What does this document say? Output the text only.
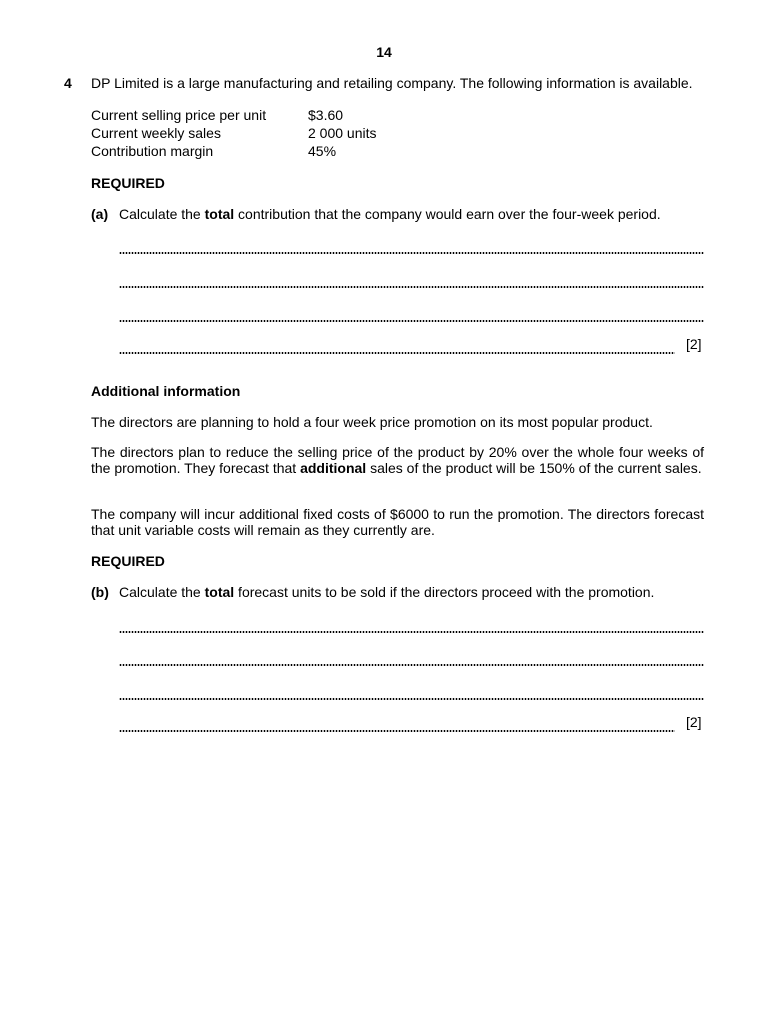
14
4 DP Limited is a large manufacturing and retailing company. The following information is available.
Current selling price per unit	$3.60
Current weekly sales	2 000 units
Contribution margin	45%
REQUIRED
(a) Calculate the total contribution that the company would earn over the four-week period.
[2]
Additional information
The directors are planning to hold a four week price promotion on its most popular product.
The directors plan to reduce the selling price of the product by 20% over the whole four weeks of the promotion. They forecast that additional sales of the product will be 150% of the current sales.
The company will incur additional fixed costs of $6000 to run the promotion. The directors forecast that unit variable costs will remain as they currently are.
REQUIRED
(b) Calculate the total forecast units to be sold if the directors proceed with the promotion.
[2]
